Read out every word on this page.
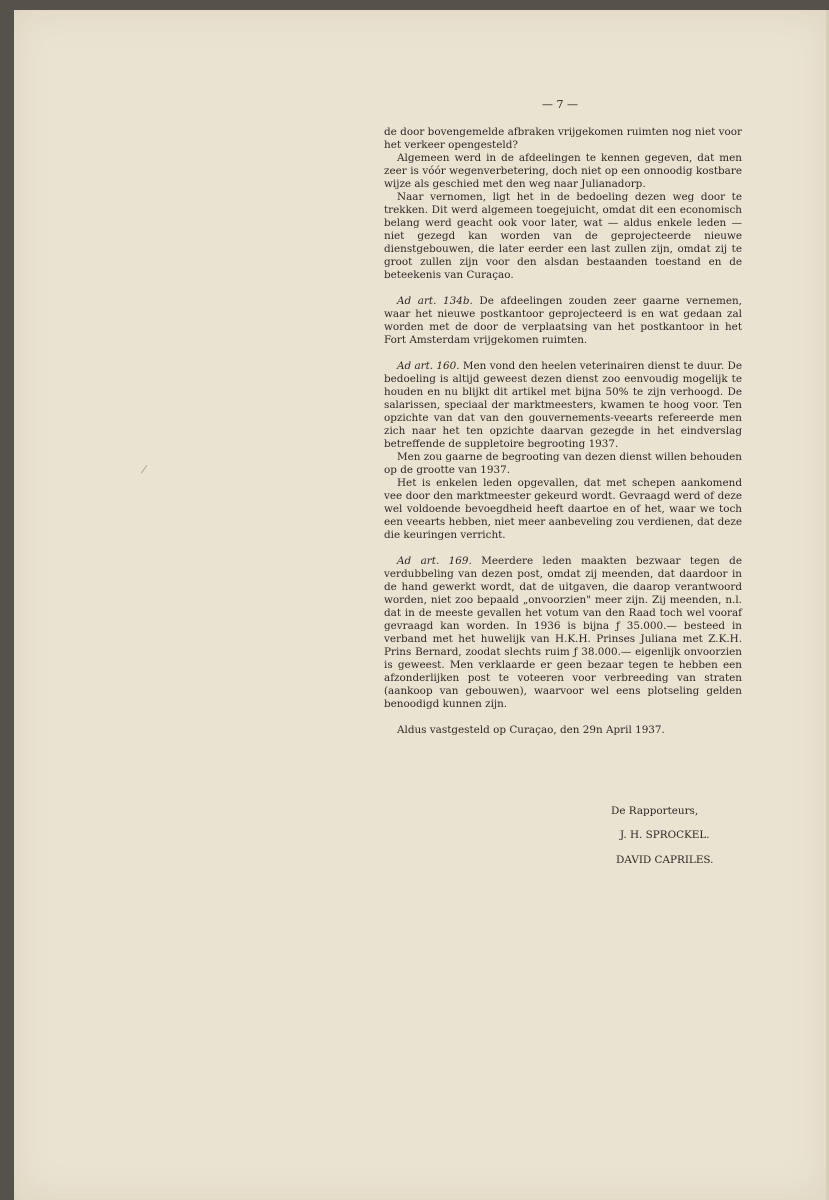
— 7 —

de door bovengemelde afbraken vrijgekomen ruimten nog niet voor het verkeer opengesteld?

Algemeen werd in de afdeelingen te kennen gegeven, dat men zeer is vóór wegenverbetering, doch niet op een onnoodig kostbare wijze als geschied met den weg naar Julianadorp.

Naar vernomen, ligt het in de bedoeling dezen weg door te trekken. Dit werd algemeen toegejuicht, omdat dit een economisch belang werd geacht ook voor later, wat — aldus enkele leden — niet gezegd kan worden van de geprojecteerde nieuwe dienstgebouwen, die later eerder een last zullen zijn, omdat zij te groot zullen zijn voor den alsdan bestaanden toestand en de beteekenis van Curaçao.

Ad art. 134b. De afdeelingen zouden zeer gaarne vernemen, waar het nieuwe postkantoor geprojecteerd is en wat gedaan zal worden met de door de verplaatsing van het postkantoor in het Fort Amsterdam vrijgekomen ruimten.

Ad art. 160. Men vond den heelen veterinairen dienst te duur. De bedoeling is altijd geweest dezen dienst zoo eenvoudig mogelijk te houden en nu blijkt dit artikel met bijna 50% te zijn verhoogd. De salarissen, speciaal der marktmeesters, kwamen te hoog voor. Ten opzichte van dat van den gouvernements-veearts refereerde men zich naar het ten opzichte daarvan gezegde in het eindverslag betreffende de suppletoire begrooting 1937.

Men zou gaarne de begrooting van dezen dienst willen behouden op de grootte van 1937.

Het is enkelen leden opgevallen, dat met schepen aankomend vee door den marktmeester gekeurd wordt. Gevraagd werd of deze wel voldoende bevoegdheid heeft daartoe en of het, waar we toch een veearts hebben, niet meer aanbeveling zou verdienen, dat deze die keuringen verricht.

Ad art. 169. Meerdere leden maakten bezwaar tegen de verdubbeling van dezen post, omdat zij meenden, dat daardoor in de hand gewerkt wordt, dat de uitgaven, die daarop verantwoord worden, niet zoo bepaald „onvoorzien" meer zijn. Zij meenden, n.l. dat in de meeste gevallen het votum van den Raad toch wel vooraf gevraagd kan worden. In 1936 is bijna ƒ 35.000.— besteed in verband met het huwelijk van H.K.H. Prinses Juliana met Z.K.H. Prins Bernard, zoodat slechts ruim ƒ 38.000.— eigenlijk onvoorzien is geweest. Men verklaarde er geen bezaar tegen te hebben een afzonderlijken post te voteeren voor verbreeding van straten (aankoop van gebouwen), waarvoor wel eens plotseling gelden benoodigd kunnen zijn.

Aldus vastgesteld op Curaçao, den 29n April 1937.

De Rapporteurs,
J. H. SPROCKEL.
DAVID CAPRILES.
